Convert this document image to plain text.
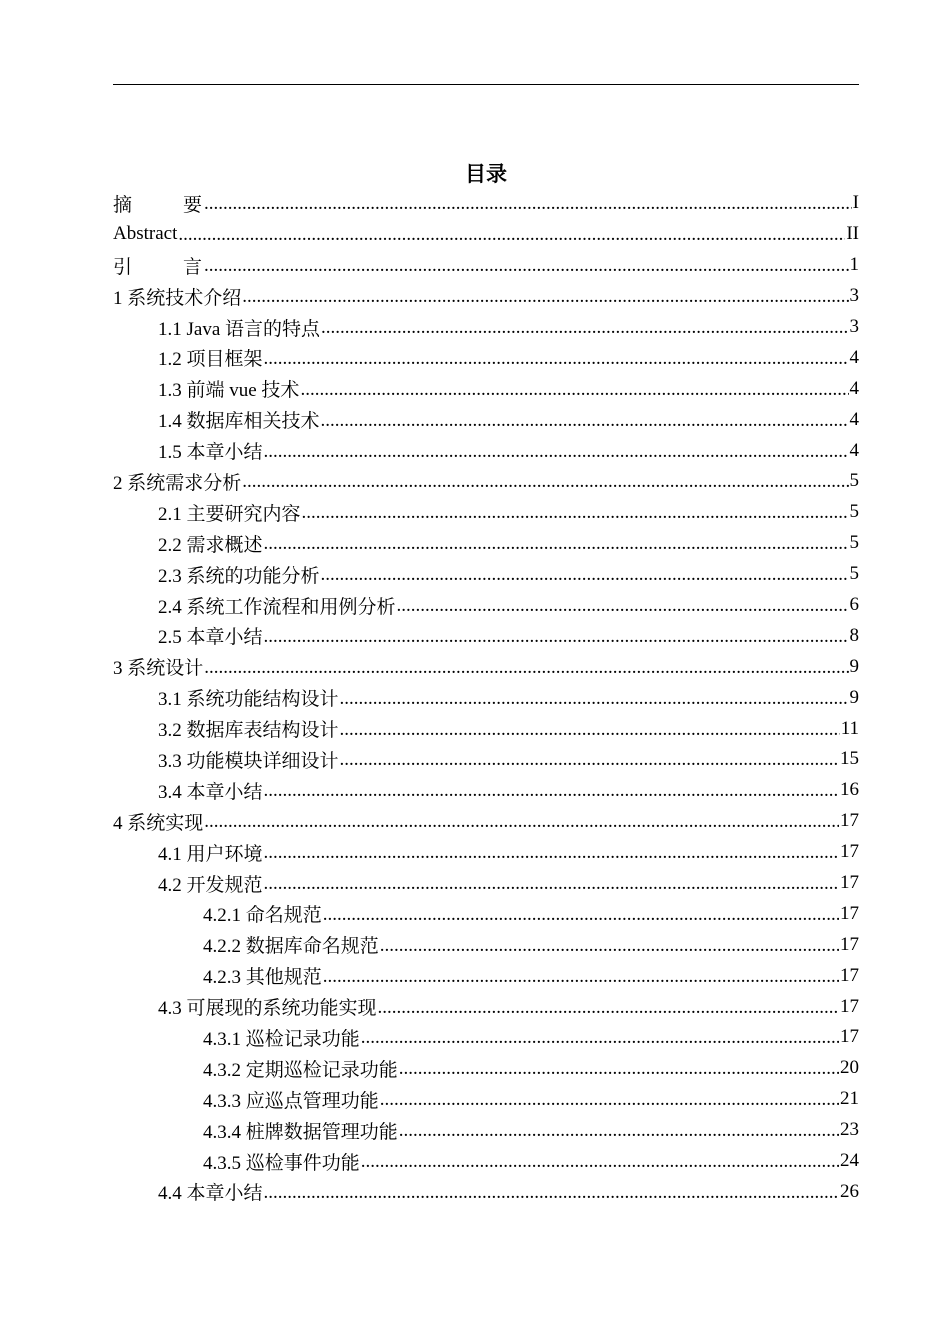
目录
摘	要 .....	I
Abstract .....	II
引	言 .....	1
1 系统技术介绍 .....	3
1.1 Java 语言的特点 .....	3
1.2 项目框架 .....	4
1.3 前端 vue 技术 .....	4
1.4 数据库相关技术 .....	4
1.5 本章小结 .....	4
2 系统需求分析 .....	5
2.1 主要研究内容 .....	5
2.2 需求概述 .....	5
2.3 系统的功能分析 .....	5
2.4 系统工作流程和用例分析 .....	6
2.5 本章小结 .....	8
3 系统设计 .....	9
3.1 系统功能结构设计 .....	9
3.2 数据库表结构设计 .....	11
3.3 功能模块详细设计 .....	15
3.4 本章小结 .....	16
4 系统实现 .....	17
4.1 用户环境 .....	17
4.2 开发规范 .....	17
4.2.1 命名规范 .....	17
4.2.2 数据库命名规范 .....	17
4.2.3 其他规范 .....	17
4.3 可展现的系统功能实现 .....	17
4.3.1 巡检记录功能 .....	17
4.3.2 定期巡检记录功能 .....	20
4.3.3 应巡点管理功能 .....	21
4.3.4 桩牌数据管理功能 .....	23
4.3.5 巡检事件功能 .....	24
4.4 本章小结 .....	26
